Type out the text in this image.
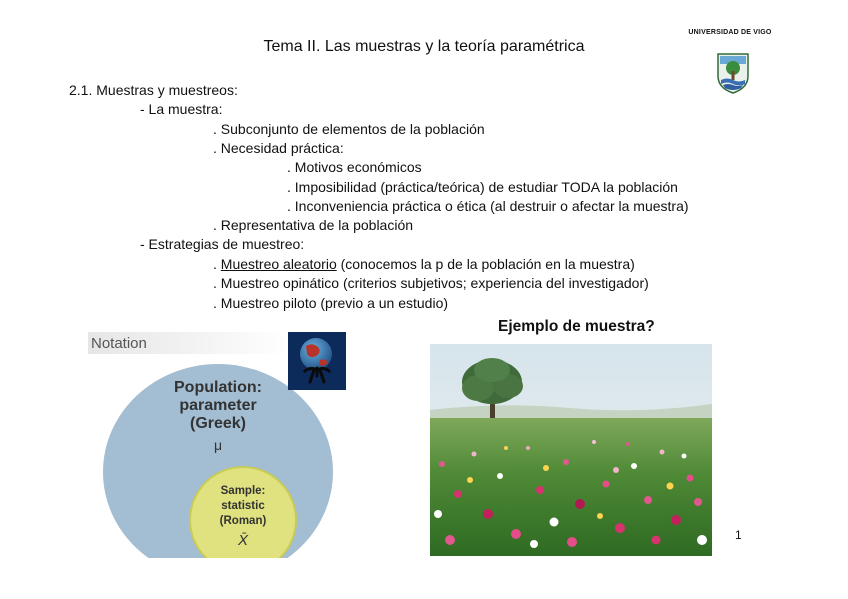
Tema II. Las muestras y la teoría paramétrica
UNIVERSIDAD DE VIGO
2.1. Muestras y muestreos:
- La muestra:
. Subconjunto de elementos de la población
. Necesidad práctica:
. Motivos económicos
. Imposibilidad (práctica/teórica) de estudiar TODA la población
. Inconveniencia práctica o ética (al destruir o afectar la muestra)
. Representativa de la población
- Estrategias de muestreo:
. Muestreo aleatorio (conocemos la p de la población en la muestra)
. Muestreo opinático (criterios subjetivos; experiencia del investigador)
. Muestreo piloto (previo a un estudio)
Notation
Population:
parameter
(Greek)
μ
Sample:
statistic
(Roman)
X̄
Ejemplo de muestra?
1
